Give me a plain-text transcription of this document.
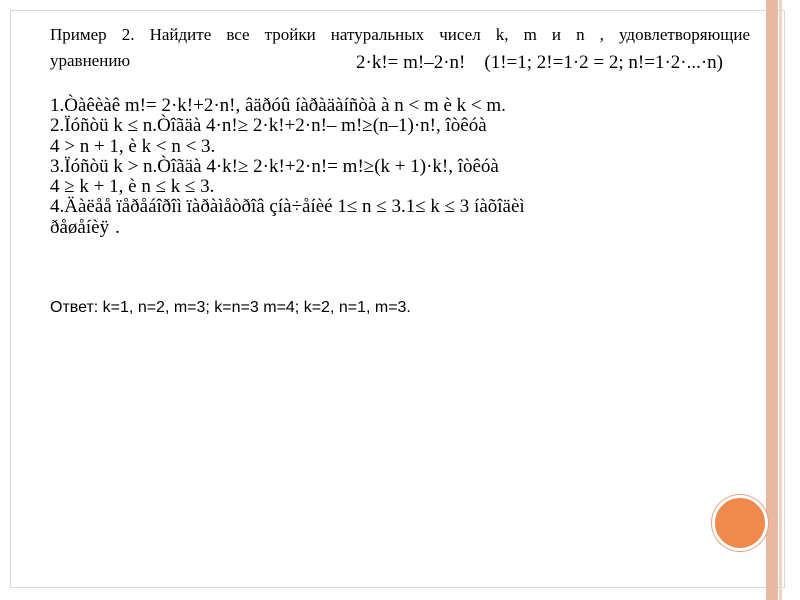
Пример 2. Найдите все тройки натуральных чисел k, m и n , удовлетворяющие
уравнению	2·k!= m!–2·n! (1!=1; 2!=1·2 = 2; n!=1·2·...·n)
1.Òàêèàê m!= 2·k!+2·n!, âäðóû íàðàäàíñòà à n < m è k < m.
2.Ïóñòü k ≤ n.Òîãäà 4·n!≥ 2·k!+2·n!– m!≥(n–1)·n!, îòêóà
4 > n + 1, è k < n < 3.
3.Ïóñòü k > n.Òîãäà 4·k!≥ 2·k!+2·n!= m!≥(k + 1)·k!, îòêóà
4 ≥ k + 1, è n ≤ k ≤ 3.
4.Äàëåå ïåðåáîðîì ïàðàìåòðîâ çíà÷åíèé 1≤ n ≤ 3.1≤ k ≤ 3 íàõîäèì
ðåøåíèÿ .
Ответ: k=1, n=2, m=3; k=n=3 m=4; k=2, n=1, m=3.
